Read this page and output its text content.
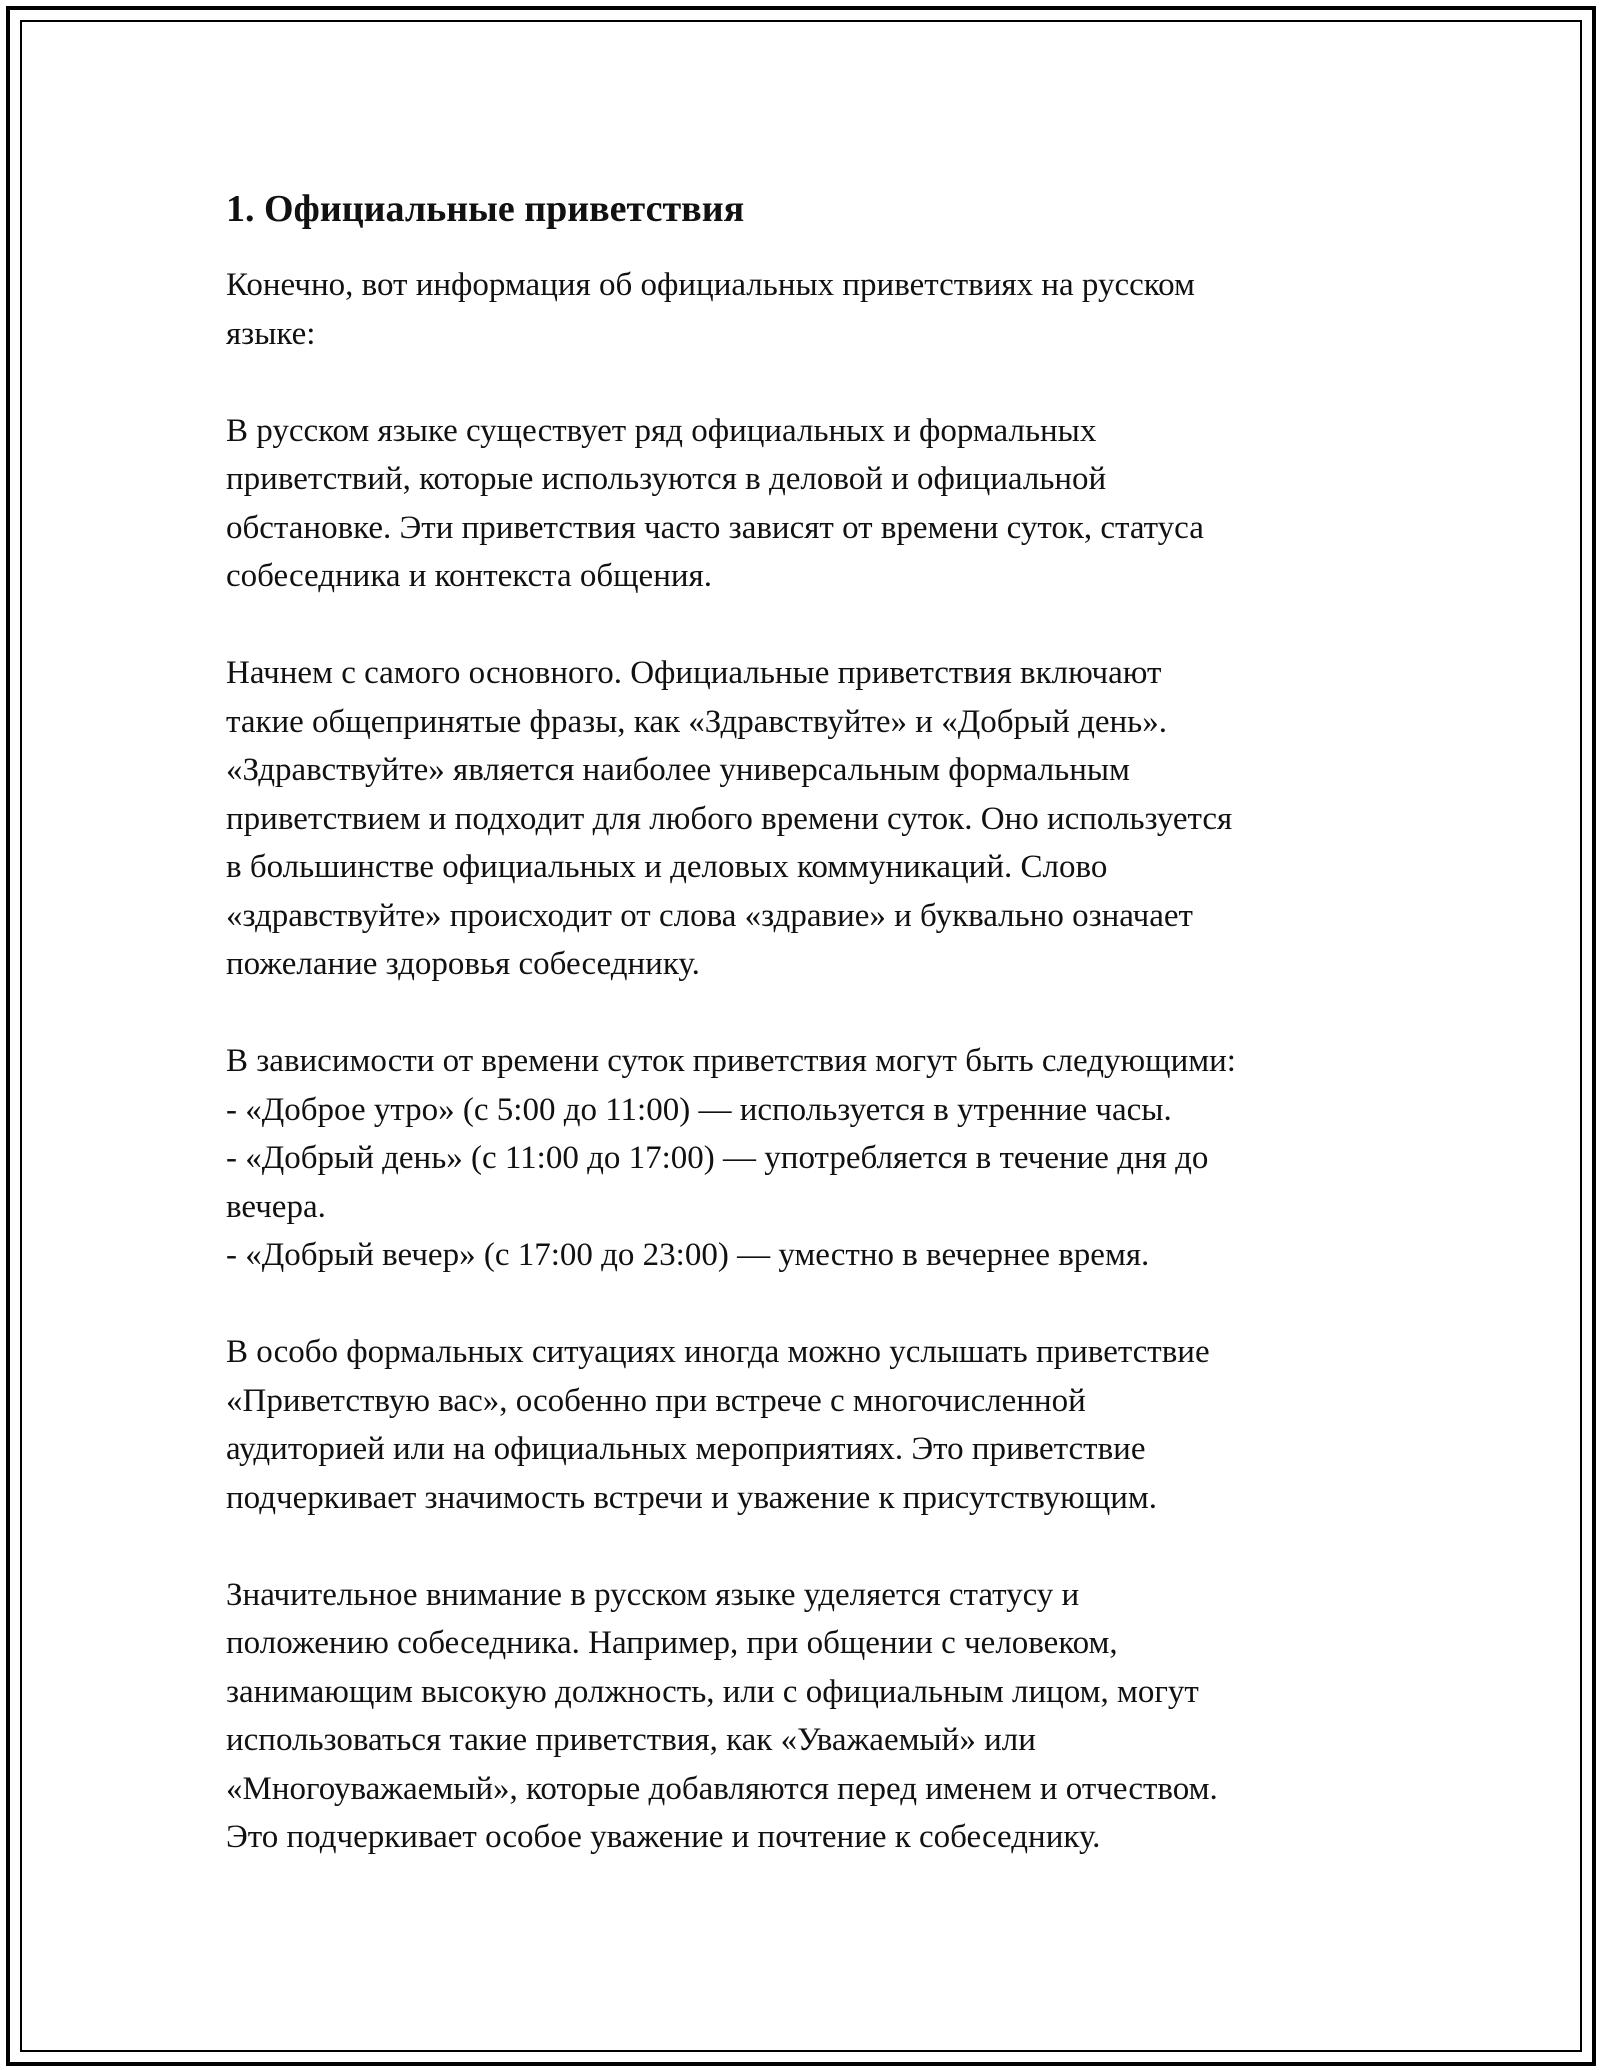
1. Официальные приветствия

Конечно, вот информация об официальных приветствиях на русском
языке:

В русском языке существует ряд официальных и формальных
приветствий, которые используются в деловой и официальной
обстановке. Эти приветствия часто зависят от времени суток, статуса
собеседника и контекста общения.

Начнем с самого основного. Официальные приветствия включают
такие общепринятые фразы, как «Здравствуйте» и «Добрый день».
«Здравствуйте» является наиболее универсальным формальным
приветствием и подходит для любого времени суток. Оно используется
в большинстве официальных и деловых коммуникаций. Слово
«здравствуйте» происходит от слова «здравие» и буквально означает
пожелание здоровья собеседнику.

В зависимости от времени суток приветствия могут быть следующими:
- «Доброе утро» (с 5:00 до 11:00) — используется в утренние часы.
- «Добрый день» (с 11:00 до 17:00) — употребляется в течение дня до
вечера.
- «Добрый вечер» (с 17:00 до 23:00) — уместно в вечернее время.

В особо формальных ситуациях иногда можно услышать приветствие
«Приветствую вас», особенно при встрече с многочисленной
аудиторией или на официальных мероприятиях. Это приветствие
подчеркивает значимость встречи и уважение к присутствующим.

Значительное внимание в русском языке уделяется статусу и
положению собеседника. Например, при общении с человеком,
занимающим высокую должность, или с официальным лицом, могут
использоваться такие приветствия, как «Уважаемый» или
«Многоуважаемый», которые добавляются перед именем и отчеством.
Это подчеркивает особое уважение и почтение к собеседнику.
